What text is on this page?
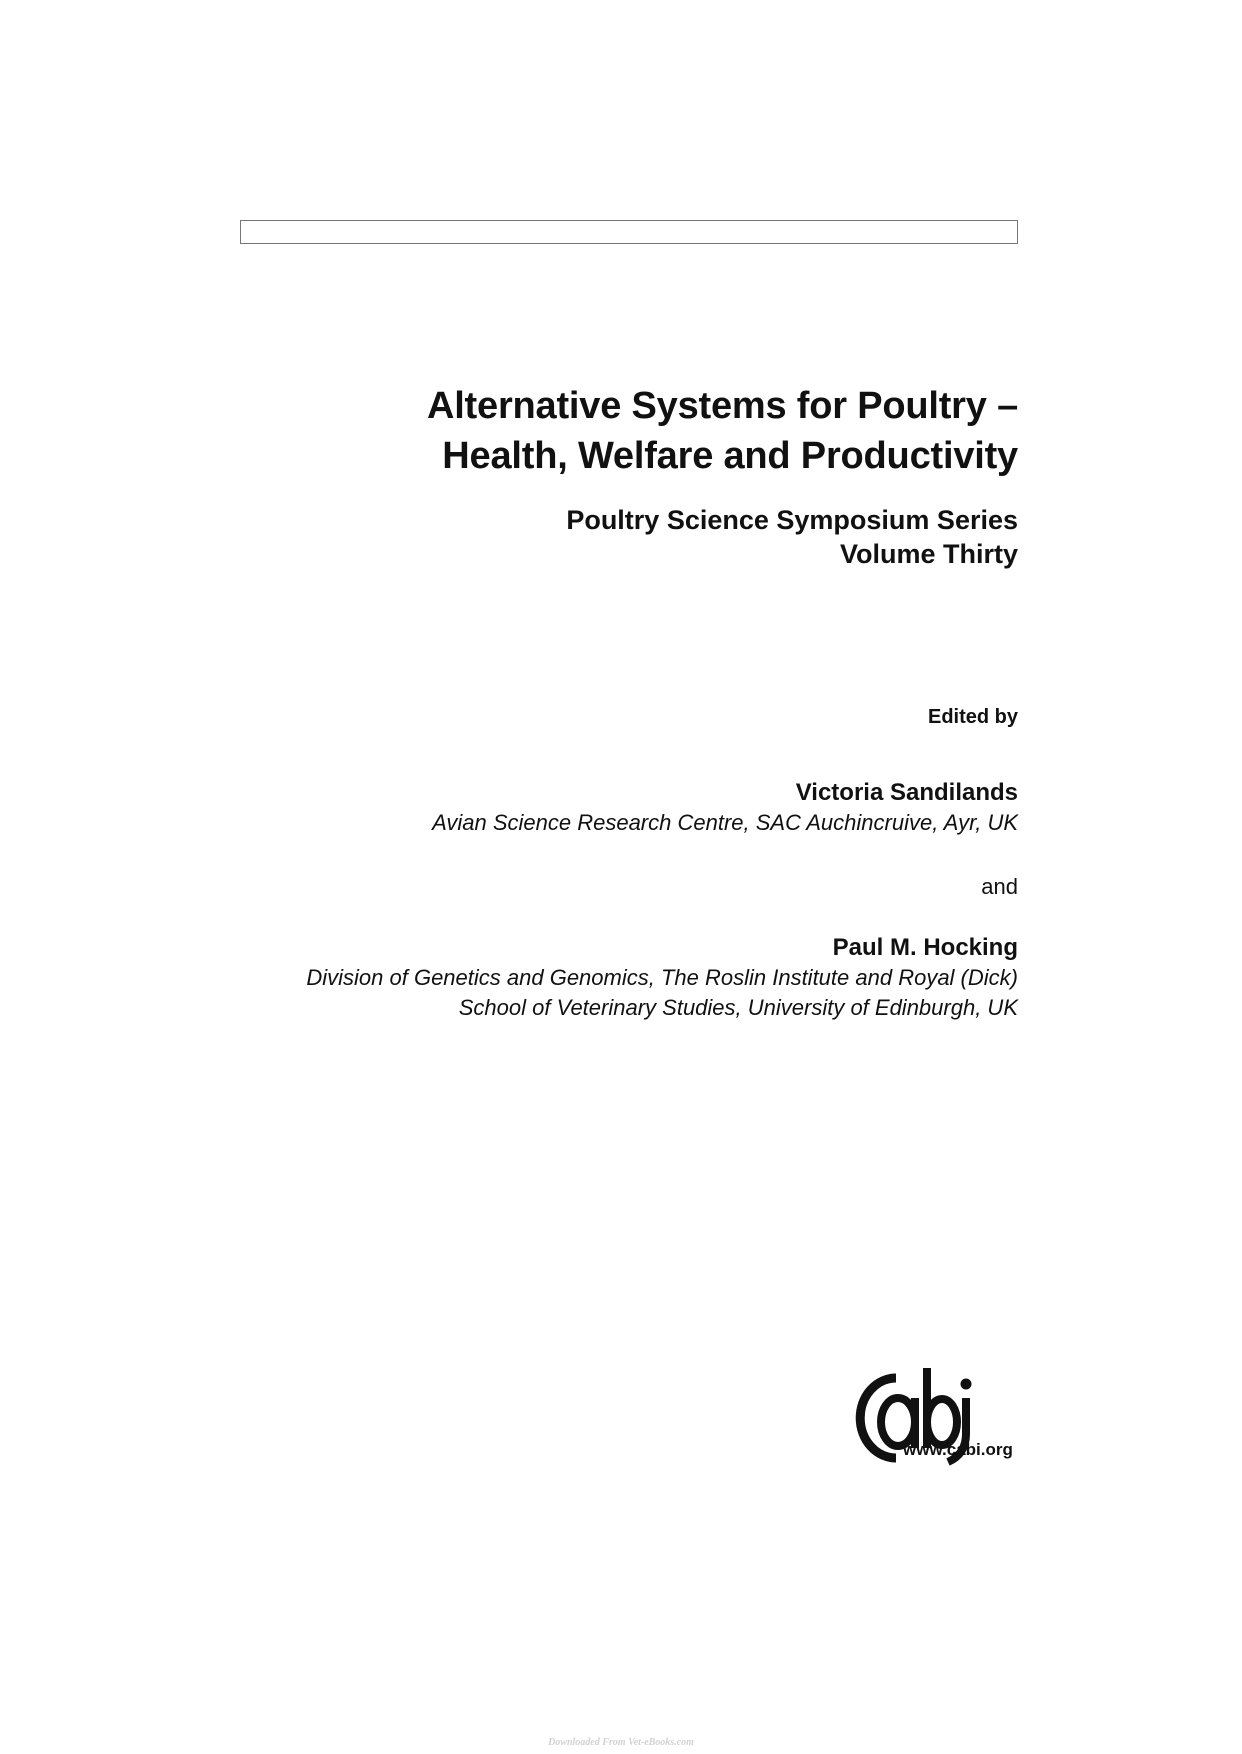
Alternative Systems for Poultry –
Health, Welfare and Productivity
Poultry Science Symposium Series
Volume Thirty
Edited by
Victoria Sandilands
Avian Science Research Centre, SAC Auchincruive, Ayr, UK
and
Paul M. Hocking
Division of Genetics and Genomics, The Roslin Institute and Royal (Dick)
School of Veterinary Studies, University of Edinburgh, UK
www.cabi.org
Downloaded From Vet-eBooks.com
